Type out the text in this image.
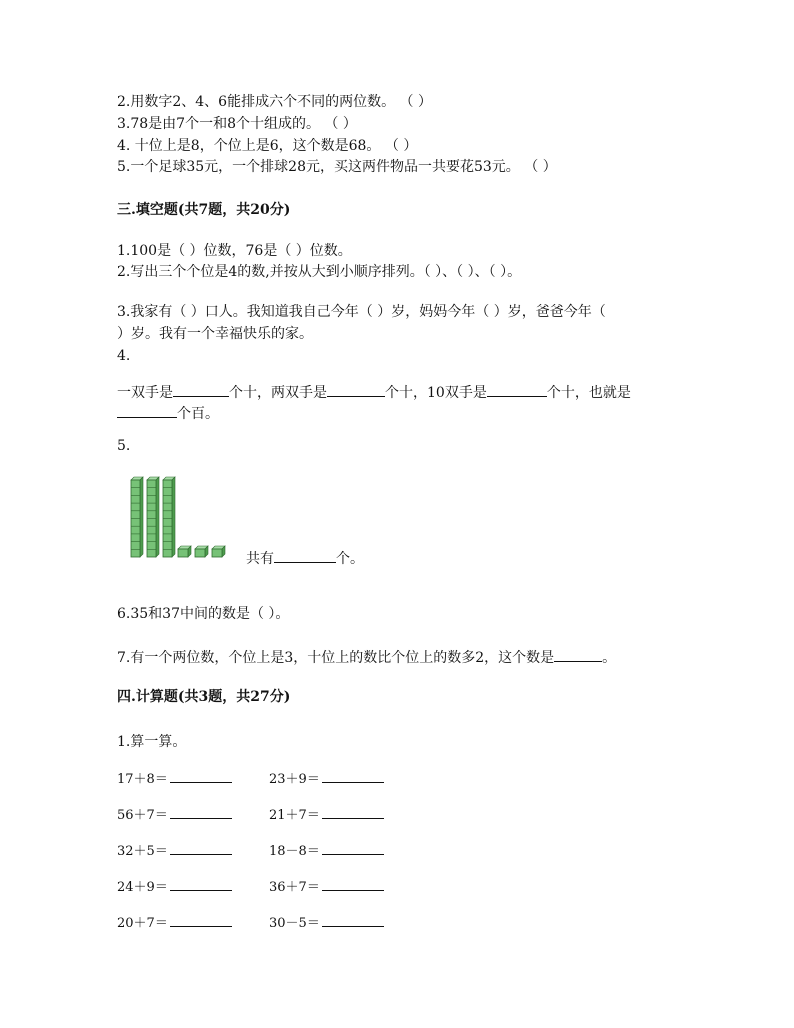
2.用数字2、4、6能排成六个不同的两位数。 （ ）
3.78是由7个一和8个十组成的。 （ ）
4. 十位上是8，个位上是6，这个数是68。 （ ）
5.一个足球35元，一个排球28元，买这两件物品一共要花53元。 （ ）
三.填空题(共7题，共20分)
1.100是（ ）位数，76是（ ）位数。
2.写出三个个位是4的数,并按从大到小顺序排列。（ ）、（ ）、（ ）。
3.我家有（ ）口人。我知道我自己今年（ ）岁，妈妈今年（ ）岁，爸爸今年（
）岁。我有一个幸福快乐的家。
4.
一双手是	个十，两双手是	个十，10双手是	个十，也就是
个百。
5.
共有	个。
6.35和37中间的数是（ ）。
7.有一个两位数，个位上是3，十位上的数比个位上的数多2，这个数是	。
四.计算题(共3题，共27分)
1.算一算。
17＋8＝	23＋9＝
56＋7＝	21＋7＝
32＋5＝	18－8＝
24＋9＝	36＋7＝
20＋7＝	30－5＝
